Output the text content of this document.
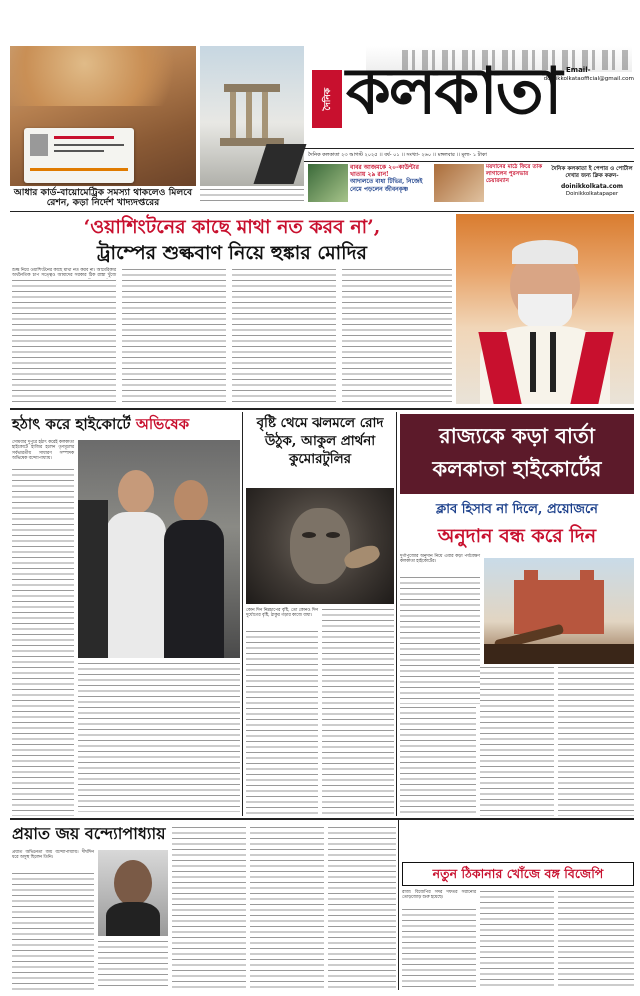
আধার কার্ড-বায়োমেট্রিক সমস্যা থাকলেও মিলবে রেশন, কড়া নির্দেশ খাদ্যদপ্তরের
দৈনিক কলকাতা Email-
doinikkolkataofficial@gmail.com
দৈনিক কলকাতা ২৩ আগস্ট ২০২৫ ।। বর্ষ- ০১ ।। সংখ্যা- ২৬০ ।। মঙ্গলবার ।। মূল্য- ১ টাকা
বাবর আজমকে ২০-কাউন্টার খাতায় ২৯ রান!
আদালতে বাধা টিভির, নিজেই নেমে পড়লেন জীবনকৃষ্ণ
ময়দানের মাঠে ফিরে তাক লাগালেন পুরসভার চেয়ারম্যান
দৈনিক কলকাতা ই পেপার ও পোর্টাল দেখার জন্য ক্লিক করুন-
doinikkolkata.com
Doinikkolkatapaper
‘ওয়াশিংটনের কাছে মাথা নত করব না’,
ট্রাম্পের শুল্কবাণ নিয়ে হুঙ্কার মোদির
শুল্ক নিয়ে ওয়াশিংটনের কাছে মাথা নত করব না। আমেরিকার অর্থনৈতিক চাপ সত্ত্বেও আমাদের সরকার ঠিক রাস্তা খুঁজে
হঠাৎ করে হাইকোর্টে অভিষেক
সোমবার দুপুরে হঠাৎ করেই কলকাতা হাইকোর্টে হাজির হলেন তৃণমূলের সর্বভারতীয় সাধারণ সম্পাদক অভিষেক বন্দ্যোপাধ্যায়।
বৃষ্টি থেমে ঝলমলে রোদ উঠুক, আকুল প্রার্থনা কুমোরটুলির
কোন দিন নিম্নচাপের বৃষ্টি, তো কোনও দিন দুর্যোগের বৃষ্টি, ঠাকুর গড়ার কাজে বাধা।
রাজ্যকে কড়া বার্তা
কলকাতা হাইকোর্টের
ক্লাব হিসাব না দিলে, প্রয়োজনে
অনুদান বন্ধ করে দিন
দুর্গাপুজোর অনুদান নিয়ে এবার কড়া পর্যবেক্ষণ কলকাতা হাইকোর্টের।
প্রয়াত জয় বন্দ্যোপাধ্যায়
প্রয়াত অভিনেতা জয় বন্দ্যোপাধ্যায়। দীর্ঘদিন ধরে অসুস্থ ছিলেন তিনি।
নতুন ঠিকানার খোঁজে বঙ্গ বিজেপি
রাজ্য বিজেপির সদর দফতর সরানোর তোড়জোড় শুরু হয়েছে।
